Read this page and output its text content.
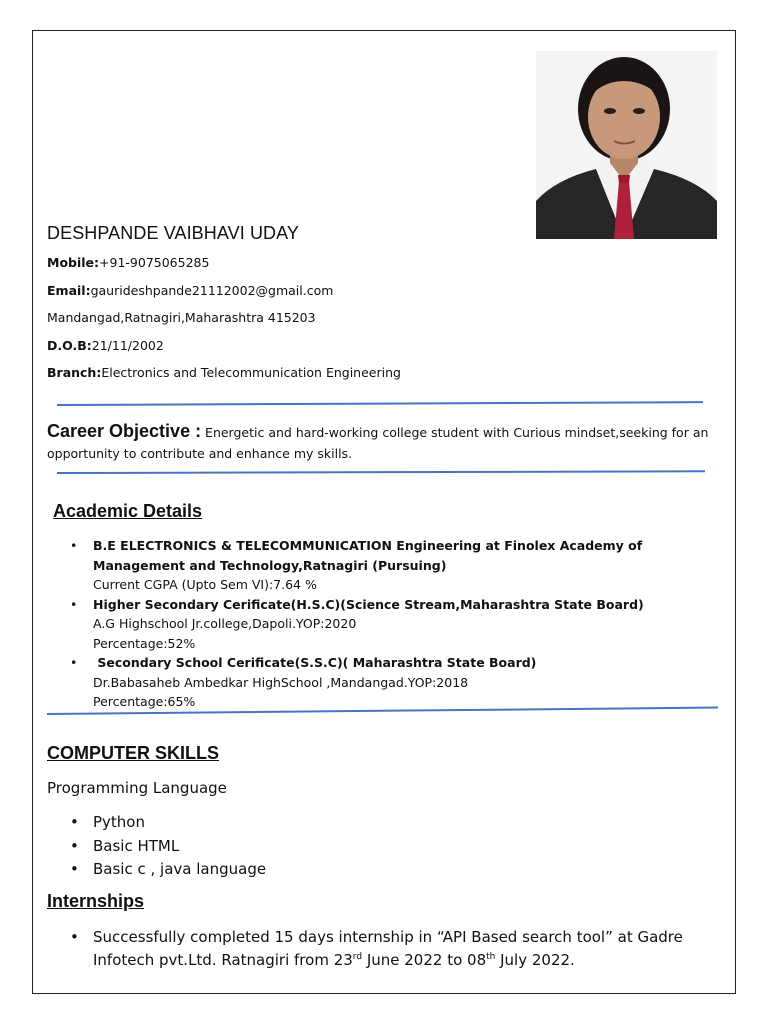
DESHPANDE VAIBHAVI UDAY
Mobile:+91-9075065285
Email:gaurideshpande21112002@gmail.com
Mandangad,Ratnagiri,Maharashtra 415203
D.O.B:21/11/2002
Branch:Electronics and Telecommunication Engineering
Career Objective : Energetic and hard-working college student with Curious mindset,seeking for an opportunity to contribute and enhance my skills.
Academic Details
• B.E ELECTRONICS & TELECOMMUNICATION Engineering at Finolex Academy of Management and Technology,Ratnagiri (Pursuing)
Current CGPA (Upto Sem VI):7.64 %
• Higher Secondary Cerificate(H.S.C)(Science Stream,Maharashtra State Board)
A.G Highschool Jr.college,Dapoli.YOP:2020
Percentage:52%
• Secondary School Cerificate(S.S.C)( Maharashtra State Board)
Dr.Babasaheb Ambedkar HighSchool ,Mandangad.YOP:2018
Percentage:65%
COMPUTER SKILLS
Programming Language
• Python
• Basic HTML
• Basic c , java language
Internships
• Successfully completed 15 days internship in “API Based search tool” at Gadre Infotech pvt.Ltd. Ratnagiri from 23rd June 2022 to 08th July 2022.
